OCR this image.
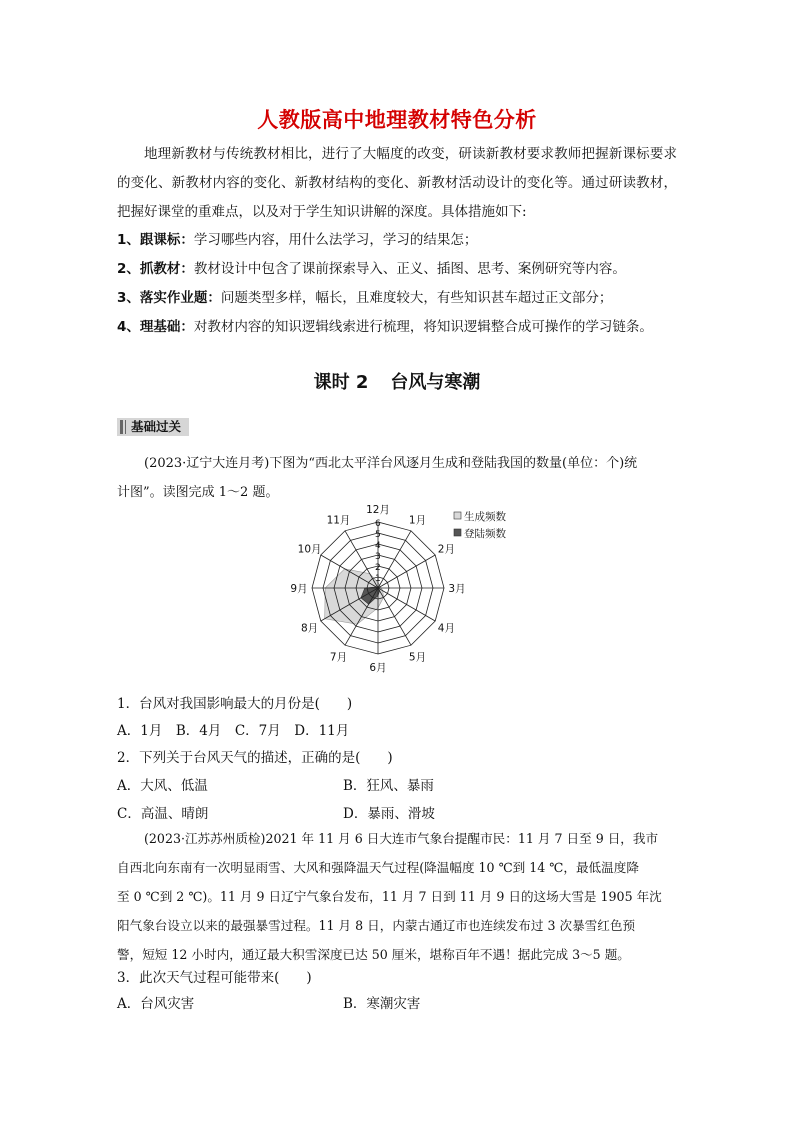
人教版高中地理教材特色分析

地理新教材与传统教材相比，进行了大幅度的改变，研读新教材要求教师把握新课标要求的变化、新教材内容的变化、新教材结构的变化、新教材活动设计的变化等。通过研读教材，把握好课堂的重难点，以及对于学生知识讲解的深度。具体措施如下:

1、跟课标：学习哪些内容，用什么法学习，学习的结果怎；
2、抓教材：教材设计中包含了课前探索导入、正义、插图、思考、案例研究等内容。
3、落实作业题：问题类型多样，幅长，且难度较大，有些知识甚车超过正文部分；
4、理基础：对教材内容的知识逻辑线索进行梳理，将知识逻辑整合成可操作的学习链条。
课时 2 台风与寒潮
基础过关

(2023·辽宁大连月考)下图为“西北太平洋台风逐月生成和登陆我国的数量(单位：个)统

计图”。读图完成 1～2 题。

1
2
3
4
5
6
12月
1月
2月
3月
4月
5月
6月
7月
8月
9月
10月
11月	生成频数
登陆频数
1．台风对我国影响最大的月份是(　　)
A．1月　B．4月　C．7月　D．11月
2．下列关于台风天气的描述，正确的是(　　)
A．大风、低温	B．狂风、暴雨
C．高温、晴朗	D．暴雨、滑坡

(2023·江苏苏州质检)2021 年 11 月 6 日大连市气象台提醒市民：11 月 7 日至 9 日，我市

自西北向东南有一次明显雨雪、大风和强降温天气过程(降温幅度 10 ℃到 14 ℃，最低温度降

至 0 ℃到 2 ℃)。11 月 9 日辽宁气象台发布，11 月 7 日到 11 月 9 日的这场大雪是 1905 年沈

阳气象台设立以来的最强暴雪过程。11 月 8 日，内蒙古通辽市也连续发布过 3 次暴雪红色预

警，短短 12 小时内，通辽最大积雪深度已达 50 厘米，堪称百年不遇！据此完成 3～5 题。

3．此次天气过程可能带来(　　)
A．台风灾害	B．寒潮灾害
